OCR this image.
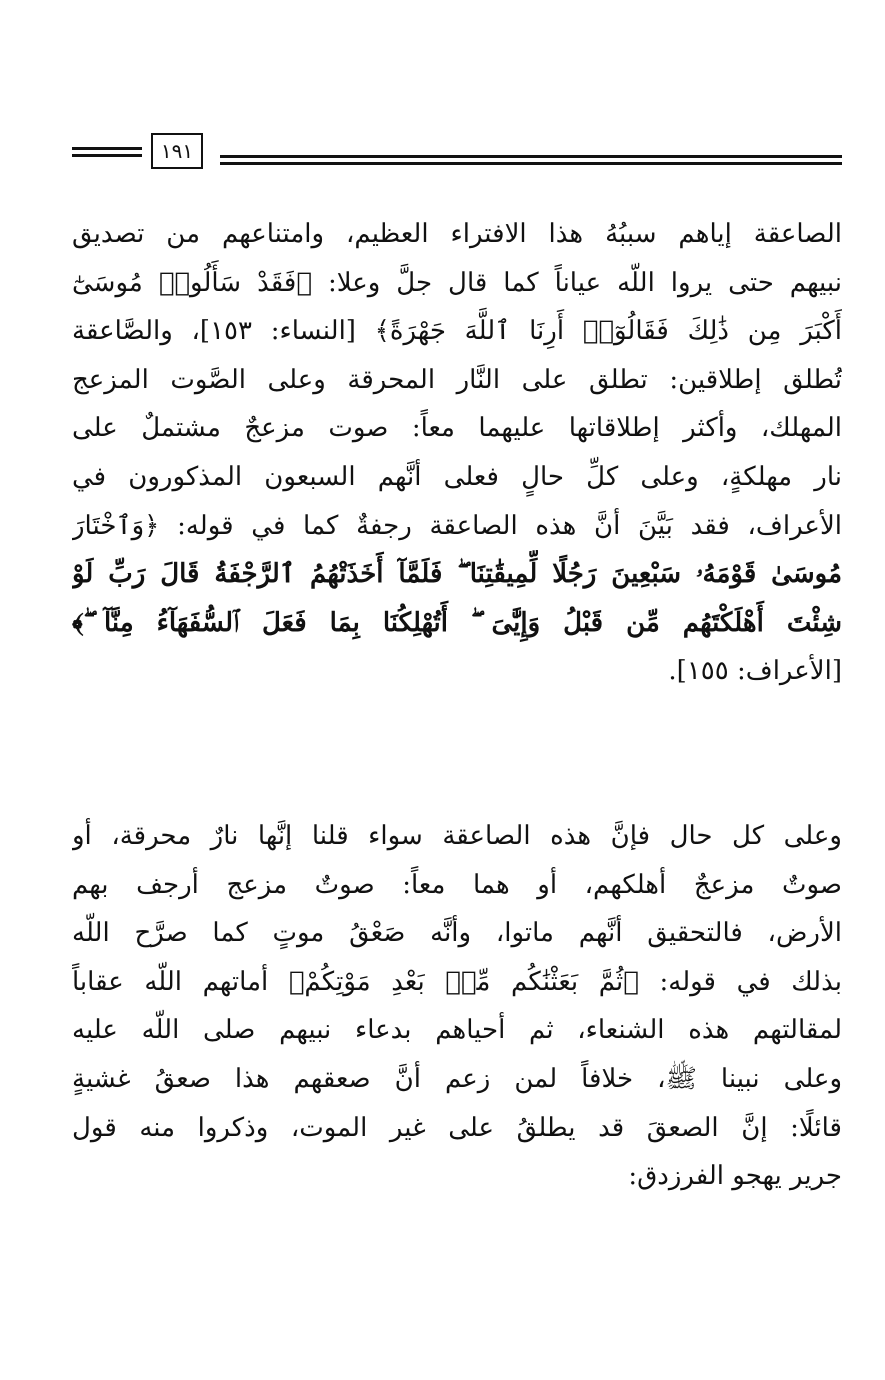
١٩١
الصاعقة إياهم سببُهُ هذا الافتراء العظيم، وامتناعهم من تصديق
نبيهم حتى يروا اللّه عياناً كما قال جلَّ وعلا: ﴿فَقَدْ سَأَلُوا۟ مُوسَىٰٓ
أَكْبَرَ مِن ذَٰلِكَ فَقَالُوٓا۟ أَرِنَا ٱللَّهَ جَهْرَةً﴾ [النساء: ١٥٣]، والصَّاعقة
تُطلق إطلاقين: تطلق على النَّار المحرقة وعلى الصَّوت المزعج
المهلك، وأكثر إطلاقاتها عليهما معاً: صوت مزعجٌ مشتملٌ على
نار مهلكةٍ، وعلى كلِّ حالٍ فعلى أنَّهم السبعون المذكورون في
الأعراف، فقد بَيَّنَ أنَّ هذه الصاعقة رجفةٌ كما في قوله: ﴿وَٱخْتَارَ
مُوسَىٰ قَوْمَهُۥ سَبْعِينَ رَجُلًا لِّمِيقَٰتِنَا ۖ فَلَمَّآ أَخَذَتْهُمُ ٱلرَّجْفَةُ قَالَ رَبِّ لَوْ
شِئْتَ أَهْلَكْتَهُم مِّن قَبْلُ وَإِيَّٰىَ ۖ أَتُهْلِكُنَا بِمَا فَعَلَ ٱلسُّفَهَآءُ مِنَّآ ۖ﴾
[الأعراف: ١٥٥].
وعلى كل حال فإنَّ هذه الصاعقة سواء قلنا إنَّها نارٌ محرقة، أو
صوتٌ مزعجٌ أهلكهم، أو هما معاً: صوتٌ مزعج أرجف بهم
الأرض، فالتحقيق أنَّهم ماتوا، وأنَّه صَعْقُ موتٍ كما صرَّح اللّه
بذلك في قوله: ﴿ثُمَّ بَعَثْنَٰكُم مِّنۢ بَعْدِ مَوْتِكُمْ﴾ أماتهم اللّه عقاباً
لمقالتهم هذه الشنعاء، ثم أحياهم بدعاء نبيهم صلى اللّه عليه
وعلى نبينا ﷺ، خلافاً لمن زعم أنَّ صعقهم هذا صعقُ غشيةٍ
قائلًا: إنَّ الصعقَ قد يطلقُ على غير الموت، وذكروا منه قول
جرير يهجو الفرزدق:
